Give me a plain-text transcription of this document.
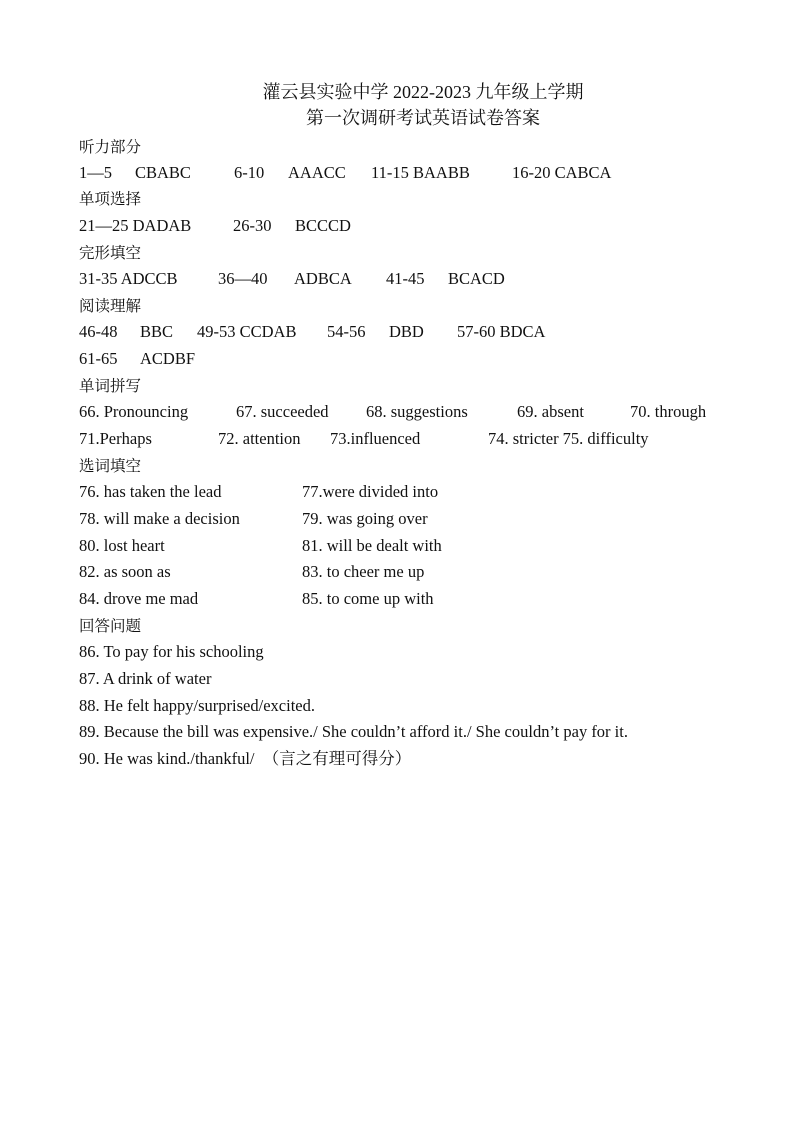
灌云县实验中学 2022-2023 九年级上学期
第一次调研考试英语试卷答案
听力部分
1—5 CBABC	6-10 AAACC 11-15 BAABB	16-20 CABCA
单项选择
21—25 DADAB	26-30 BCCCD
完形填空
31-35 ADCCB 36—40 ADBCA 41-45 BCACD
阅读理解
46-48 BBC 49-53 CCDAB 54-56 DBD 57-60 BDCA
61-65 ACDBF
单词拼写
66. Pronouncing	67. succeeded 68. suggestions	69. absent	70. through
71.Perhaps	72. attention 73.influenced	74. stricter 75. difficulty
选词填空
76. has taken the lead	77.were divided into
78. will make a decision	79. was going over
80. lost heart	81. will be dealt with
82. as soon as	83. to cheer me up
84. drove me mad	85. to come up with
回答问题
86. To pay for his schooling
87. A drink of water
88. He felt happy/surprised/excited.
89. Because the bill was expensive./ She couldn’t afford it./ She couldn’t pay for it.
90. He was kind./thankful/　（言之有理可得分）
